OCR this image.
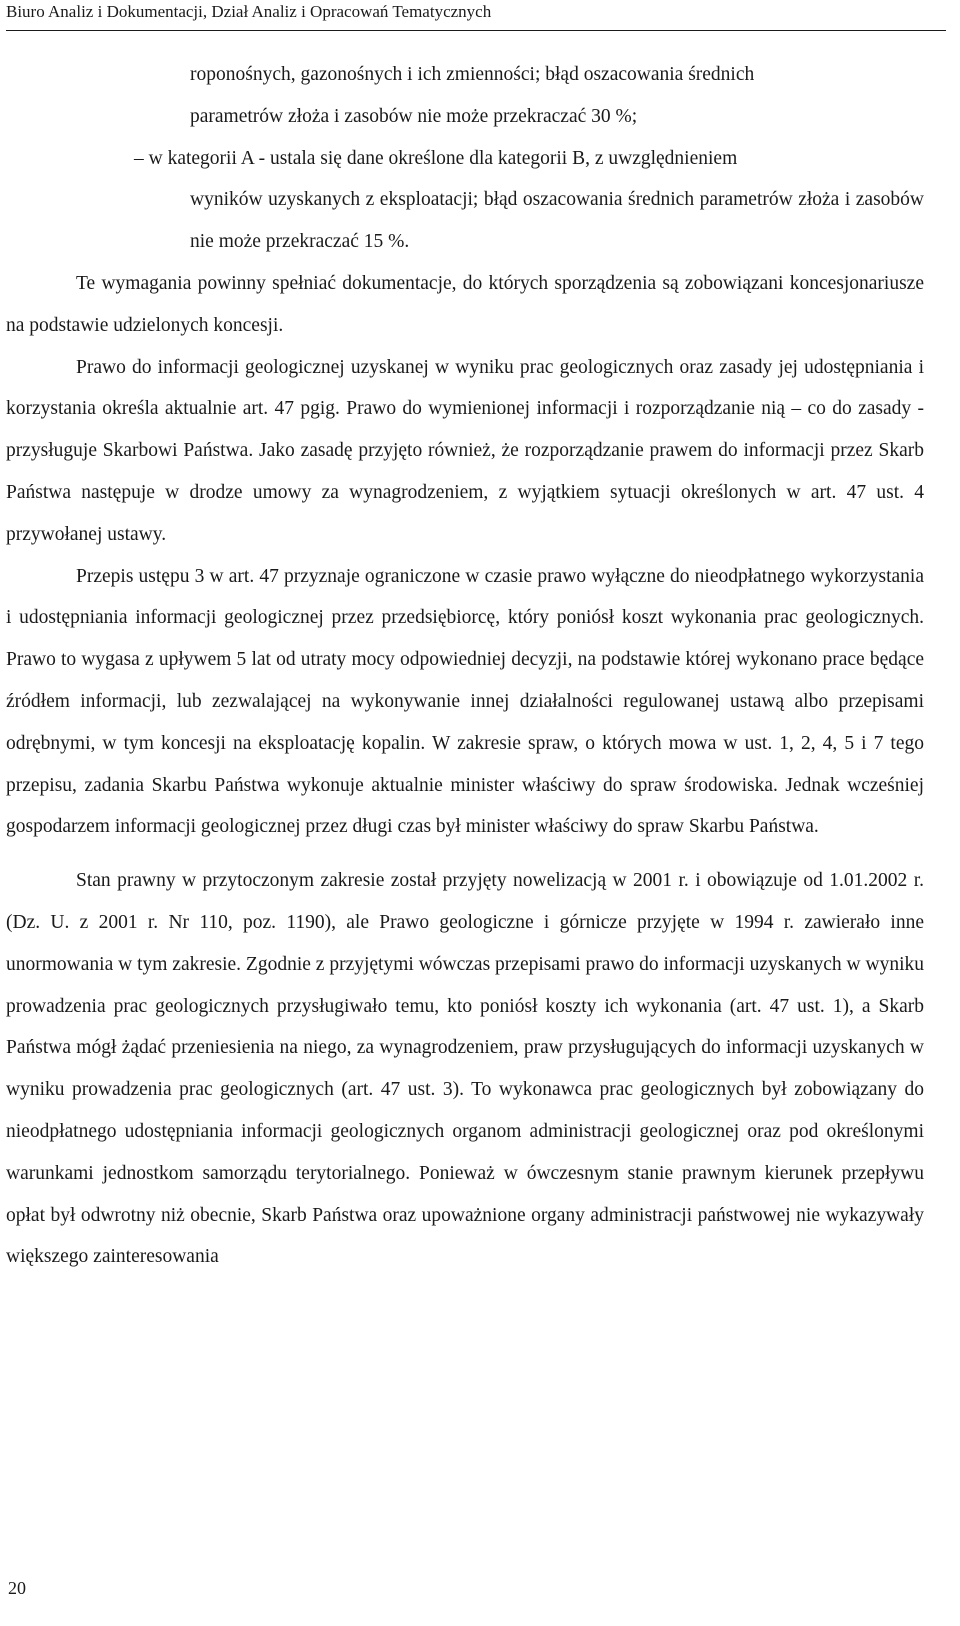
Biuro Analiz i Dokumentacji, Dział Analiz i Opracowań Tematycznych

roponośnych, gazonośnych i ich zmienności; błąd oszacowania średnich

parametrów złoża i zasobów nie może przekraczać 30 %;

– w kategorii A - ustala się dane określone dla kategorii B, z uwzględnieniem

wyników uzyskanych z eksploatacji; błąd oszacowania średnich parametrów złoża i zasobów nie może przekraczać 15 %.

Te wymagania powinny spełniać dokumentacje, do których sporządzenia są zobowiązani koncesjonariusze na podstawie udzielonych koncesji.

Prawo do informacji geologicznej uzyskanej w wyniku prac geologicznych oraz zasady jej udostępniania i korzystania określa aktualnie art. 47 pgig. Prawo do wymienionej informacji i rozporządzanie nią – co do zasady - przysługuje Skarbowi Państwa. Jako zasadę przyjęto również, że rozporządzanie prawem do informacji przez Skarb Państwa następuje w drodze umowy za wynagrodzeniem, z wyjątkiem sytuacji określonych w art. 47 ust. 4 przywołanej ustawy.

Przepis ustępu 3 w art. 47 przyznaje ograniczone w czasie prawo wyłączne do nieodpłatnego wykorzystania i udostępniania informacji geologicznej przez przedsiębiorcę, który poniósł koszt wykonania prac geologicznych. Prawo to wygasa z upływem 5 lat od utraty mocy odpowiedniej decyzji, na podstawie której wykonano prace będące źródłem informacji, lub zezwalającej na wykonywanie innej działalności regulowanej ustawą albo przepisami odrębnymi, w tym koncesji na eksploatację kopalin. W zakresie spraw, o których mowa w ust. 1, 2, 4, 5 i 7 tego przepisu, zadania Skarbu Państwa wykonuje aktualnie minister właściwy do spraw środowiska. Jednak wcześniej gospodarzem informacji geologicznej przez długi czas był minister właściwy do spraw Skarbu Państwa.

Stan prawny w przytoczonym zakresie został przyjęty nowelizacją w 2001 r. i obowiązuje od 1.01.2002 r. (Dz. U. z 2001 r. Nr 110, poz. 1190), ale Prawo geologiczne i górnicze przyjęte w 1994 r. zawierało inne unormowania w tym zakresie. Zgodnie z przyjętymi wówczas przepisami prawo do informacji uzyskanych w wyniku prowadzenia prac geologicznych przysługiwało temu, kto poniósł koszty ich wykonania (art. 47 ust. 1), a Skarb Państwa mógł żądać przeniesienia na niego, za wynagrodzeniem, praw przysługujących do informacji uzyskanych w wyniku prowadzenia prac geologicznych (art. 47 ust. 3). To wykonawca prac geologicznych był zobowiązany do nieodpłatnego udostępniania informacji geologicznych organom administracji geologicznej oraz pod określonymi warunkami jednostkom samorządu terytorialnego. Ponieważ w ówczesnym stanie prawnym kierunek przepływu opłat był odwrotny niż obecnie, Skarb Państwa oraz upoważnione organy administracji państwowej nie wykazywały większego zainteresowania

20
